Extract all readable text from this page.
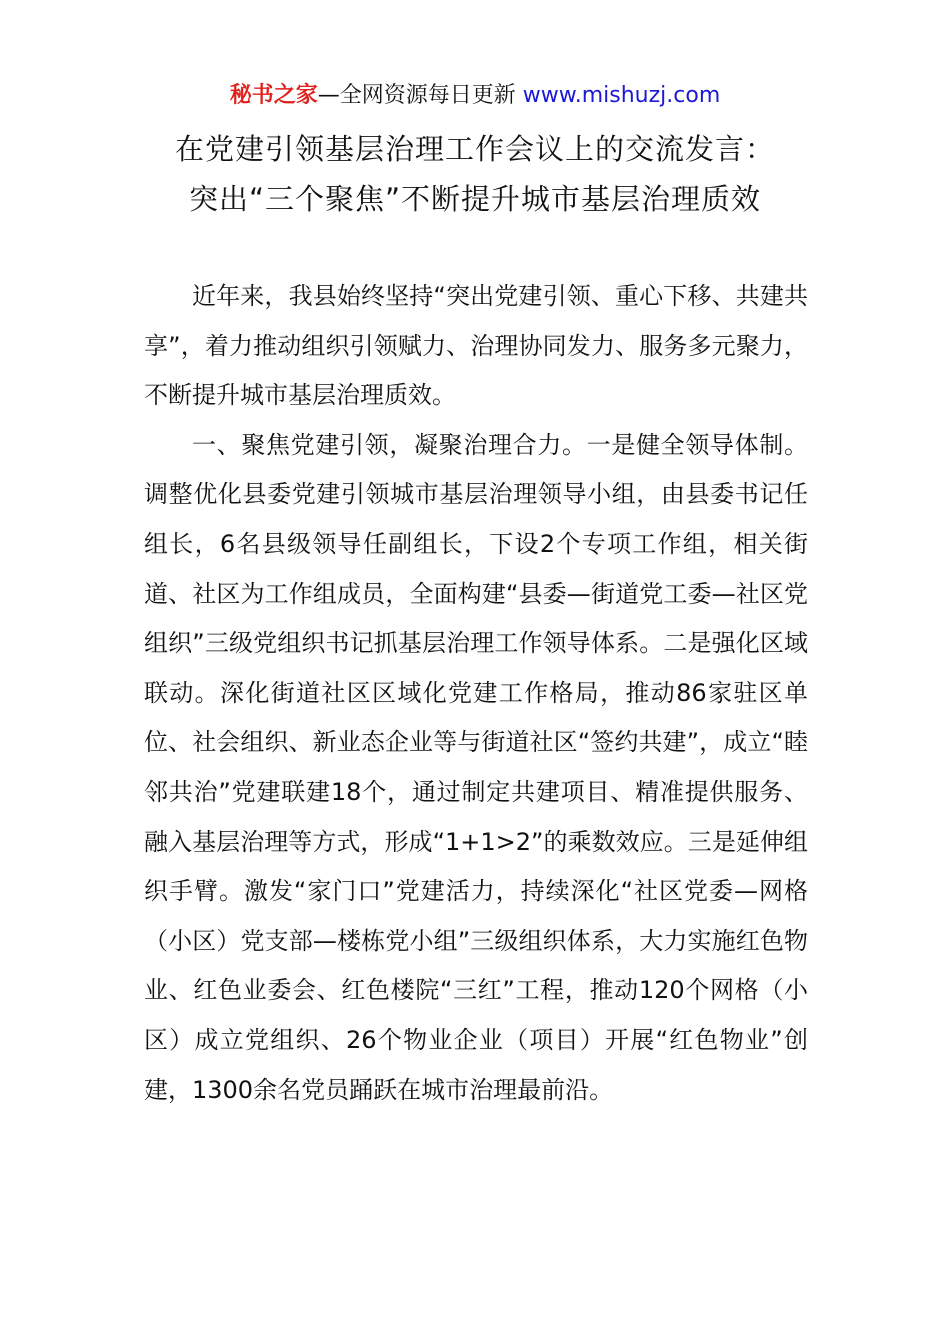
秘书之家—全网资源每日更新 www.mishuzj.com
在党建引领基层治理工作会议上的交流发言：
突出“三个聚焦”不断提升城市基层治理质效

近年来，我县始终坚持“突出党建引领、重心下移、共建共享”，着力推动组织引领赋力、治理协同发力、服务多元聚力，不断提升城市基层治理质效。

一、聚焦党建引领，凝聚治理合力。一是健全领导体制。调整优化县委党建引领城市基层治理领导小组，由县委书记任组长，6名县级领导任副组长，下设2个专项工作组，相关街道、社区为工作组成员，全面构建“县委—街道党工委—社区党组织”三级党组织书记抓基层治理工作领导体系。二是强化区域联动。深化街道社区区域化党建工作格局，推动86家驻区单位、社会组织、新业态企业等与街道社区“签约共建”，成立“睦邻共治”党建联建18个，通过制定共建项目、精准提供服务、融入基层治理等方式，形成“1+1>2”的乘数效应。三是延伸组织手臂。激发“家门口”党建活力，持续深化“社区党委—网格（小区）党支部—楼栋党小组”三级组织体系，大力实施红色物业、红色业委会、红色楼院“三红”工程，推动120个网格（小区）成立党组织、26个物业企业（项目）开展“红色物业”创建，1300余名党员踊跃在城市治理最前沿。
